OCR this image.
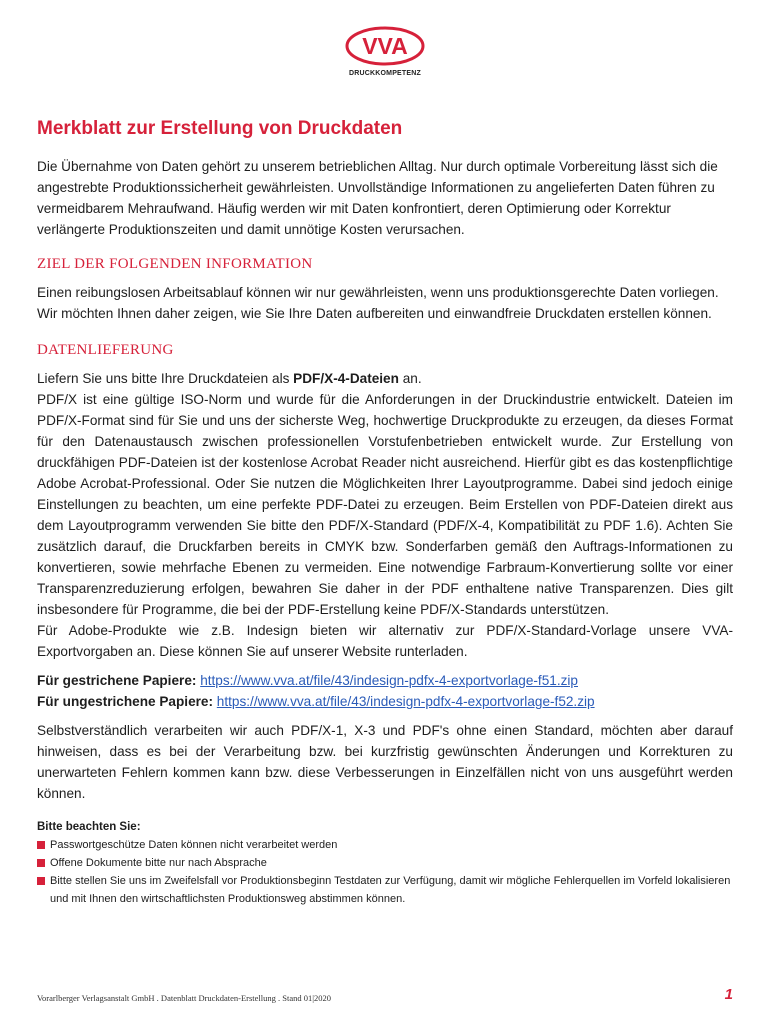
VVA
DRUCKKOMPETENZ
Merkblatt zur Erstellung von Druckdaten

Die Übernahme von Daten gehört zu unserem betrieblichen Alltag. Nur durch optimale Vorbereitung lässt sich die angestrebte Produktionssicherheit gewährleisten. Unvollständige Informationen zu angelieferten Daten führen zu vermeidbarem Mehraufwand. Häufig werden wir mit Daten konfrontiert, deren Optimierung oder Korrektur verlängerte Produktionszeiten und damit unnötige Kosten verursachen.

ZIEL DER FOLGENDEN INFORMATION

Einen reibungslosen Arbeitsablauf können wir nur gewährleisten, wenn uns produktionsgerechte Daten vorliegen. Wir möchten Ihnen daher zeigen, wie Sie Ihre Daten aufbereiten und einwandfreie Druckdaten erstellen können.

DATENLIEFERUNG

Liefern Sie uns bitte Ihre Druckdateien als PDF/X-4-Dateien an.

PDF/X ist eine gültige ISO-Norm und wurde für die Anforderungen in der Druckindustrie entwickelt. Dateien im PDF/X-Format sind für Sie und uns der sicherste Weg, hochwertige Druckprodukte zu erzeugen, da dieses Format für den Datenaustausch zwischen professionellen Vorstufenbetrieben entwickelt wurde. Zur Erstellung von druckfähigen PDF-Dateien ist der kostenlose Acrobat Reader nicht ausreichend. Hierfür gibt es das kostenpflichtige Adobe Acrobat-Professional. Oder Sie nutzen die Möglichkeiten Ihrer Layoutprogramme. Dabei sind jedoch einige Einstellungen zu beachten, um eine perfekte PDF-Datei zu erzeugen. Beim Erstellen von PDF-Dateien direkt aus dem Layoutprogramm verwenden Sie bitte den PDF/X-Standard (PDF/X-4, Kompatibilität zu PDF 1.6). Achten Sie zusätzlich darauf, die Druckfarben bereits in CMYK bzw. Sonderfarben gemäß den Auftrags-Informationen zu konvertieren, sowie mehrfache Ebenen zu vermeiden. Eine notwendige Farbraum-Konvertierung sollte vor einer Transparenzreduzierung erfolgen, bewahren Sie daher in der PDF enthaltene native Transparenzen. Dies gilt insbesondere für Programme, die bei der PDF-Erstellung keine PDF/X-Standards unterstützen.

Für Adobe-Produkte wie z.B. Indesign bieten wir alternativ zur PDF/X-Standard-Vorlage unsere VVA-Exportvorgaben an. Diese können Sie auf unserer Website runterladen.

Für gestrichene Papiere: https://www.vva.at/file/43/indesign-pdfx-4-exportvorlage-f51.zip

Für ungestrichene Papiere: https://www.vva.at/file/43/indesign-pdfx-4-exportvorlage-f52.zip

Selbstverständlich verarbeiten wir auch PDF/X-1, X-3 und PDF's ohne einen Standard, möchten aber darauf hinweisen, dass es bei der Verarbeitung bzw. bei kurzfristig gewünschten Änderungen und Korrekturen zu unerwarteten Fehlern kommen kann bzw. diese Verbesserungen in Einzelfällen nicht von uns ausgeführt werden können.

Bitte beachten Sie:
Passwortgeschütze Daten können nicht verarbeitet werden
Offene Dokumente bitte nur nach Absprache
Bitte stellen Sie uns im Zweifelsfall vor Produktionsbeginn Testdaten zur Verfügung, damit wir mögliche Fehlerquellen im Vorfeld lokalisieren und mit Ihnen den wirtschaftlichsten Produktionsweg abstimmen können.
Vorarlberger Verlagsanstalt GmbH . Datenblatt Druckdaten-Erstellung . Stand 01|2020	1
